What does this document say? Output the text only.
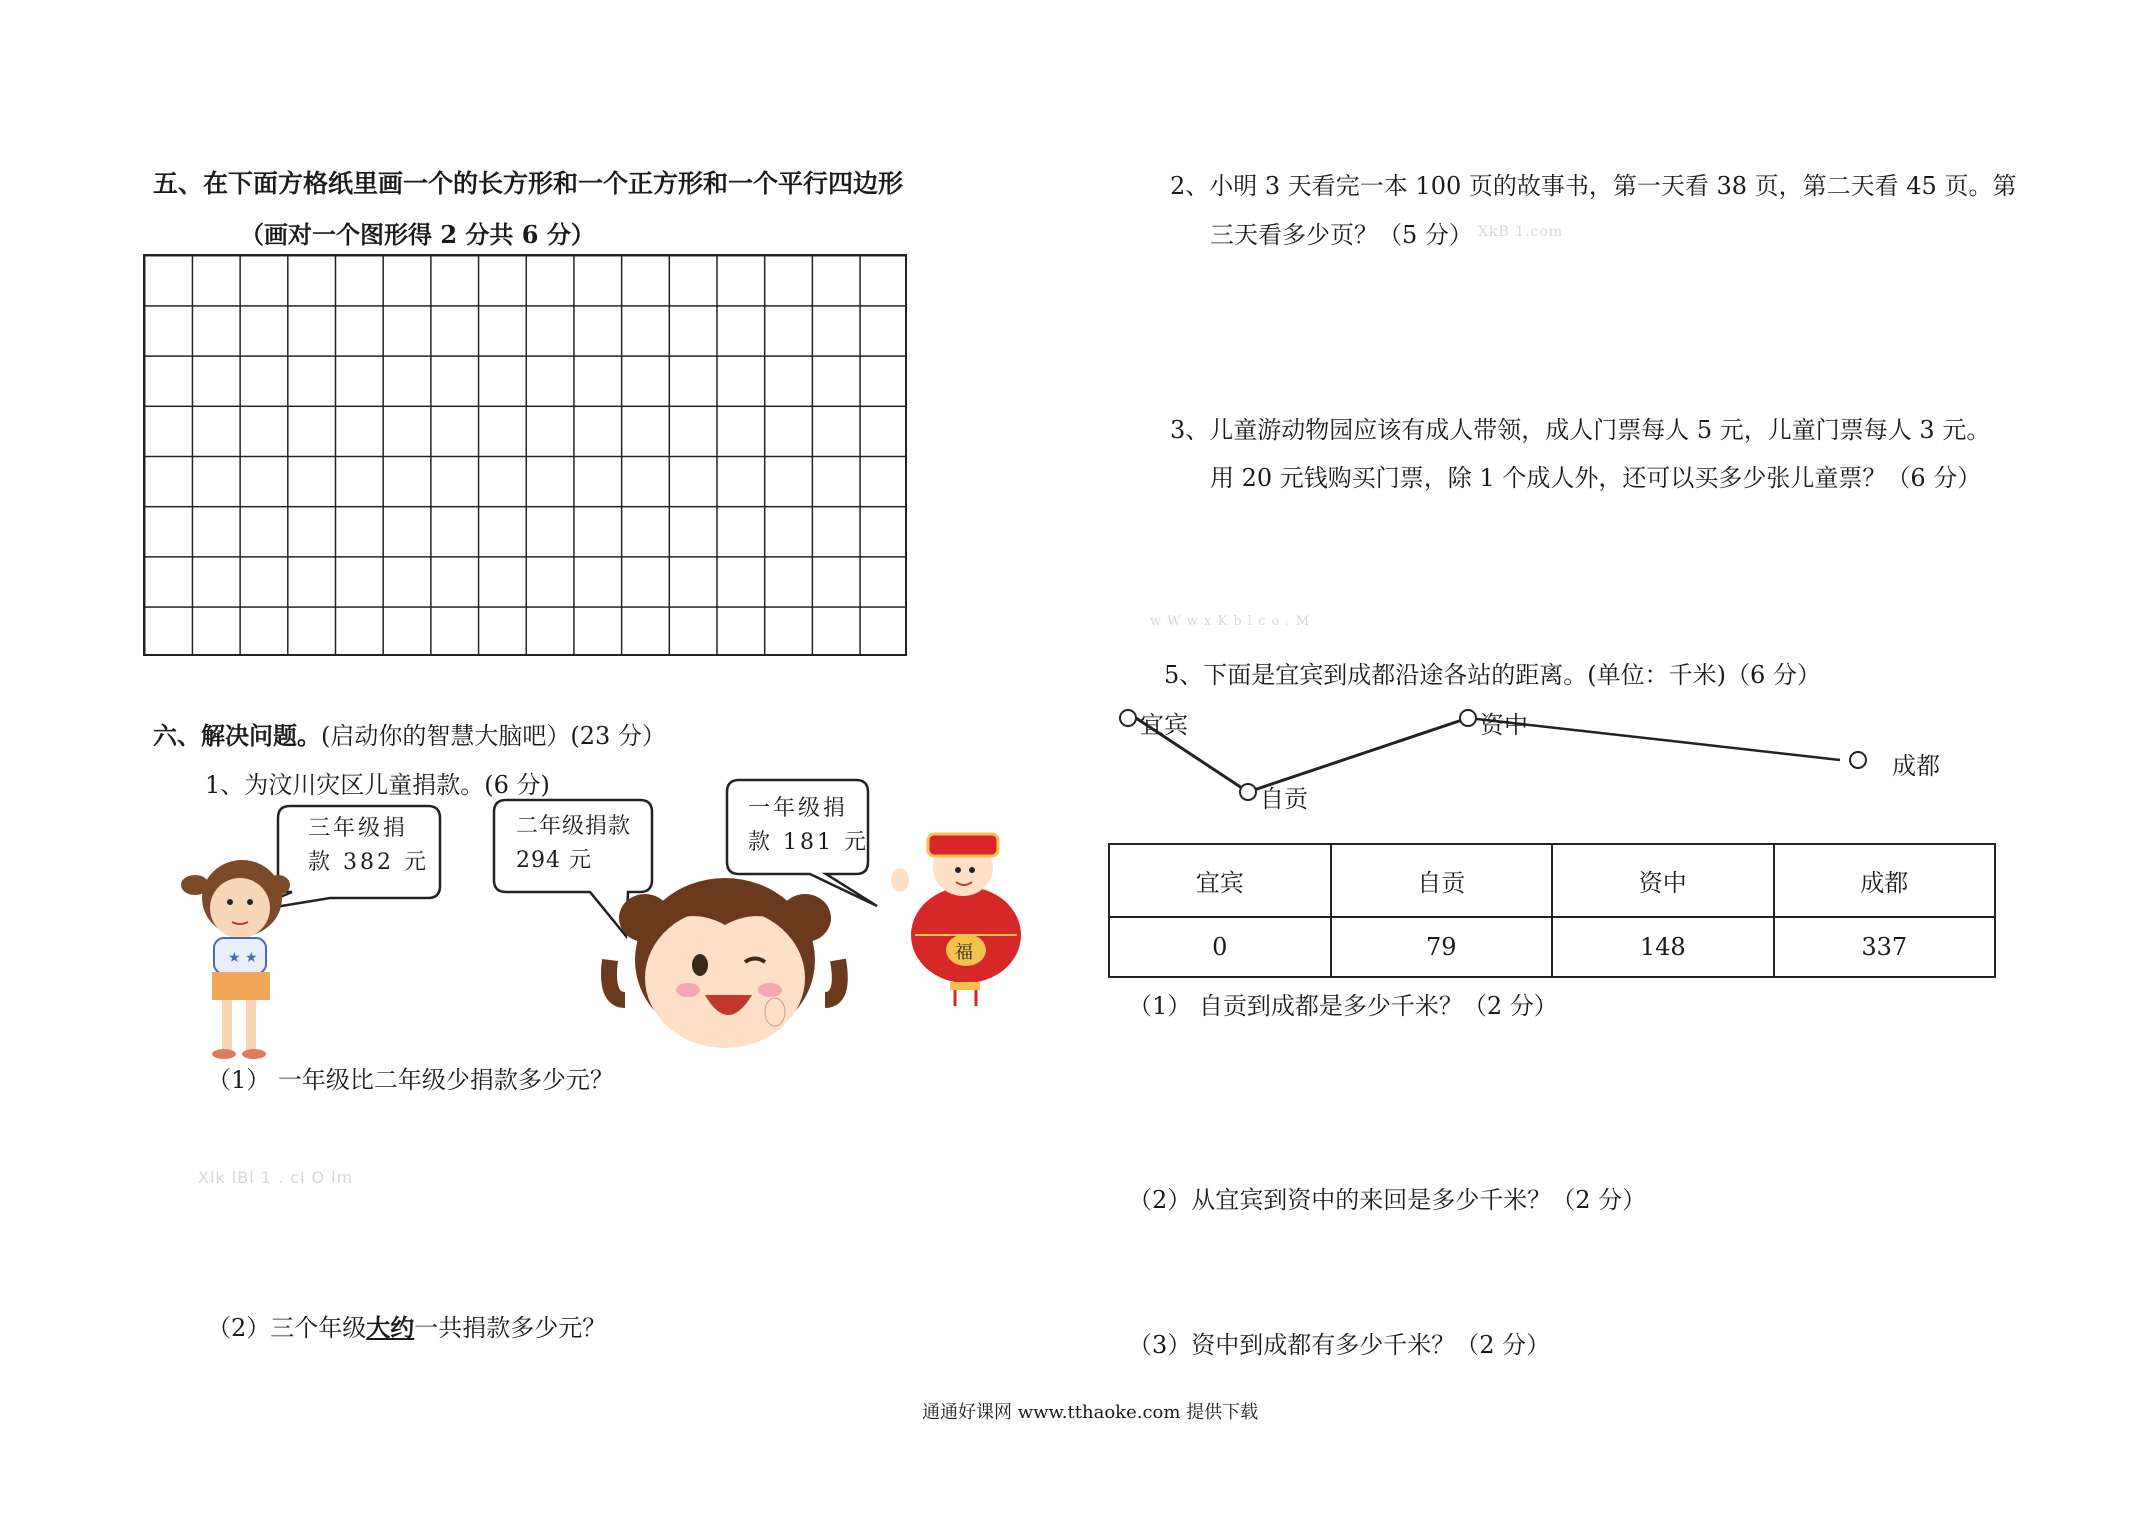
五、在下面方格纸里画一个的长方形和一个正方形和一个平行四边形
（画对一个图形得 2 分共 6 分）
六、解决问题。(启动你的智慧大脑吧）(23 分）
1、为汶川灾区儿童捐款。(6 分)
★ ★	福
三年级捐
款 382 元
二年级捐款
294 元
一年级捐
款 181 元
（1） 一年级比二年级少捐款多少元？
Xlk lBl 1 . cl O lm
（2）三个年级大约一共捐款多少元？
2、小明 3 天看完一本 100 页的故事书，第一天看 38 页，第二天看 45 页。第
三天看多少页？（5 分） XkB 1.com
3、儿童游动物园应该有成人带领，成人门票每人 5 元，儿童门票每人 3 元。
用 20 元钱购买门票，除 1 个成人外，还可以买多少张儿童票？（6 分）
w W w x K b l c o . M
5、下面是宜宾到成都沿途各站的距离。(单位：千米)（6 分）
宜宾
自贡
资中
成都
宜宾	自贡	资中	成都
0	79	148	337
（1） 自贡到成都是多少千米？（2 分）
（2）从宜宾到资中的来回是多少千米？（2 分）
（3）资中到成都有多少千米？（2 分）
通通好课网 www.tthaoke.com 提供下载
